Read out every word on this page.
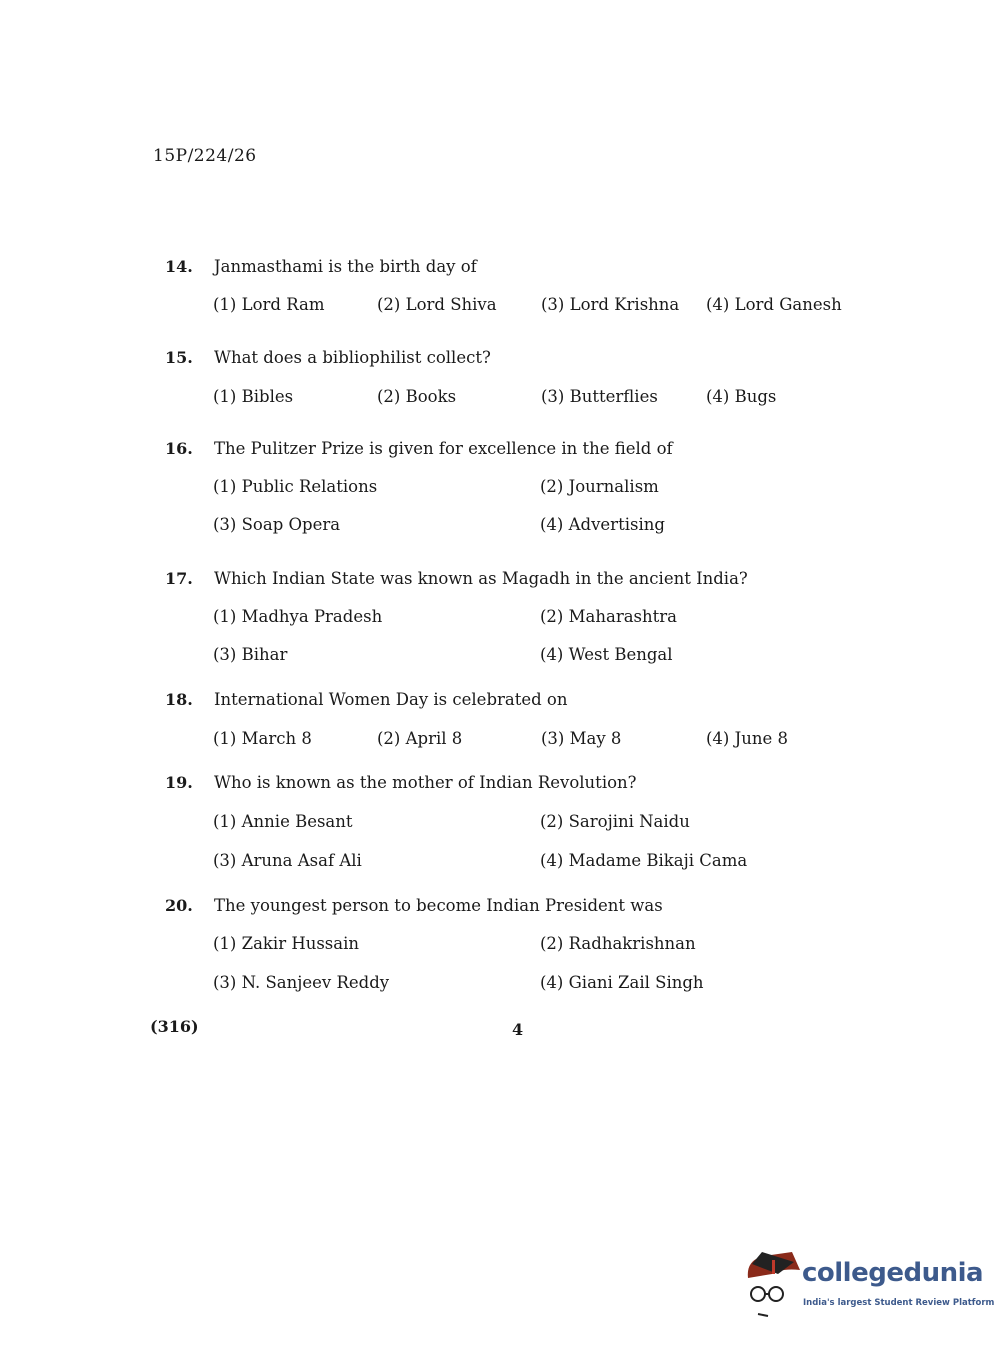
15P/224/26
14. Janmasthami is the birth day of
(1) Lord Ram	(2) Lord Shiva	(3) Lord Krishna (4) Lord Ganesh
15. What does a bibliophilist collect?
(1) Bibles	(2) Books	(3) Butterflies	(4) Bugs
16. The Pulitzer Prize is given for excellence in the field of
(1) Public Relations	(2) Journalism
(3) Soap Opera	(4) Advertising
17. Which Indian State was known as Magadh in the ancient India?
(1) Madhya Pradesh	(2) Maharashtra
(3) Bihar	(4) West Bengal
18. International Women Day is celebrated on
(1) March 8	(2) April 8	(3) May 8	(4) June 8
19. Who is known as the mother of Indian Revolution?
(1) Annie Besant	(2) Sarojini Naidu
(3) Aruna Asaf Ali	(4) Madame Bikaji Cama
20. The youngest person to become Indian President was
(1) Zakir Hussain	(2) Radhakrishnan
(3) N. Sanjeev Reddy	(4) Giani Zail Singh
(316)	4
collegedunia
India's largest Student Review Platform
